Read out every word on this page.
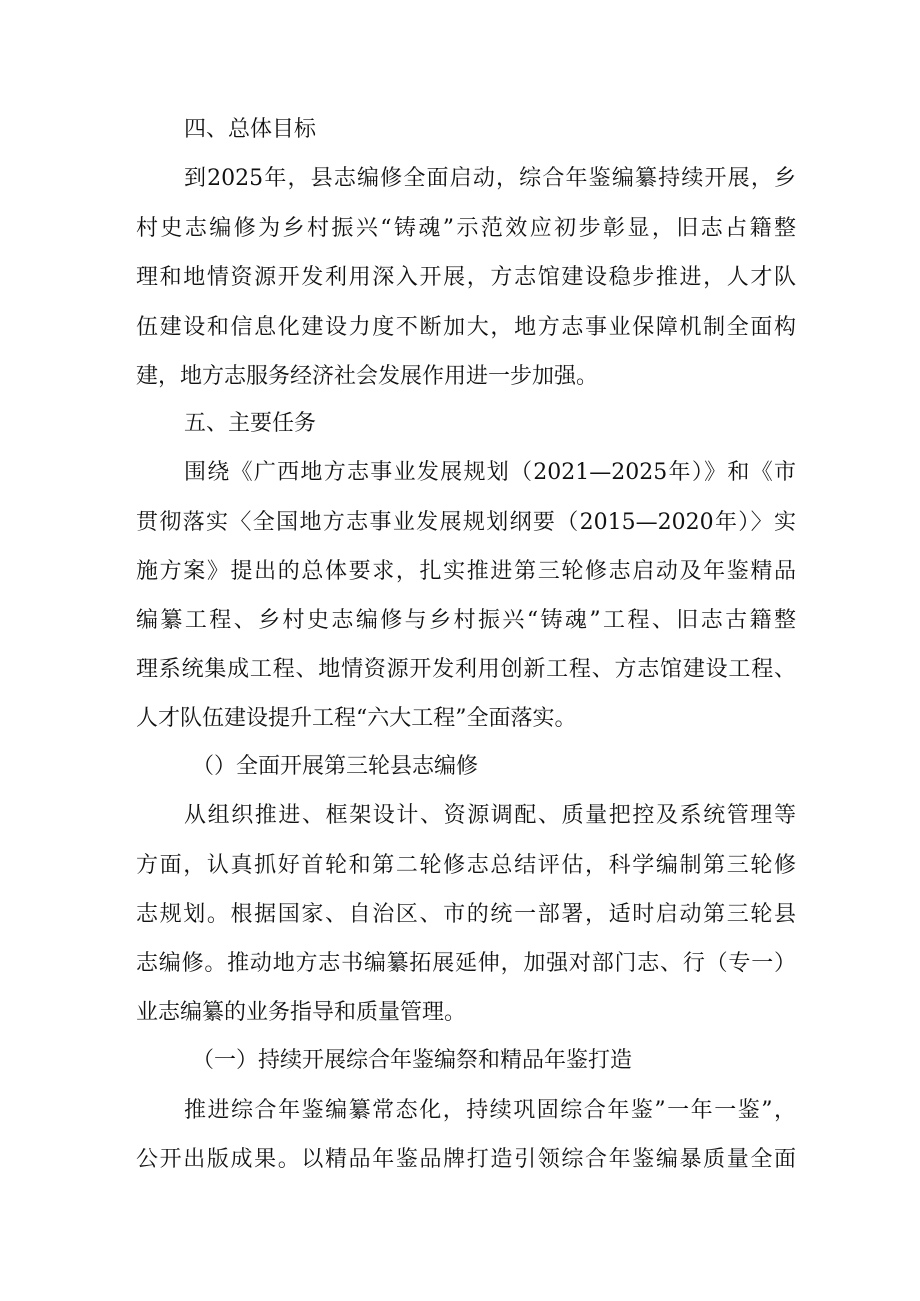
四、总体目标
到2025年，县志编修全面启动，综合年鉴编纂持续开展，乡
村史志编修为乡村振兴“铸魂”示范效应初步彰显，旧志占籍整
理和地情资源开发利用深入开展，方志馆建设稳步推进，人才队
伍建设和信息化建设力度不断加大，地方志事业保障机制全面构
建，地方志服务经济社会发展作用进一步加强。
五、主要任务
围绕《广西地方志事业发展规划（2021—2025年）》和《市
贯彻落实〈全国地方志事业发展规划纲要（2015—2020年）〉实
施方案》提出的总体要求，扎实推进第三轮修志启动及年鉴精品
编纂工程、乡村史志编修与乡村振兴“铸魂”工程、旧志古籍整
理系统集成工程、地情资源开发利用创新工程、方志馆建设工程、
人才队伍建设提升工程“六大工程”全面落实。
（）全面开展第三轮县志编修
从组织推进、框架设计、资源调配、质量把控及系统管理等
方面，认真抓好首轮和第二轮修志总结评估，科学编制第三轮修
志规划。根据国家、自治区、市的统一部署，适时启动第三轮县
志编修。推动地方志书编纂拓展延伸，加强对部门志、行（专一）
业志编纂的业务指导和质量管理。
（一）持续开展综合年鉴编祭和精品年鉴打造
推进综合年鉴编纂常态化，持续巩固综合年鉴”一年一鉴”，
公开出版成果。以精品年鉴品牌打造引领综合年鉴编暴质量全面
